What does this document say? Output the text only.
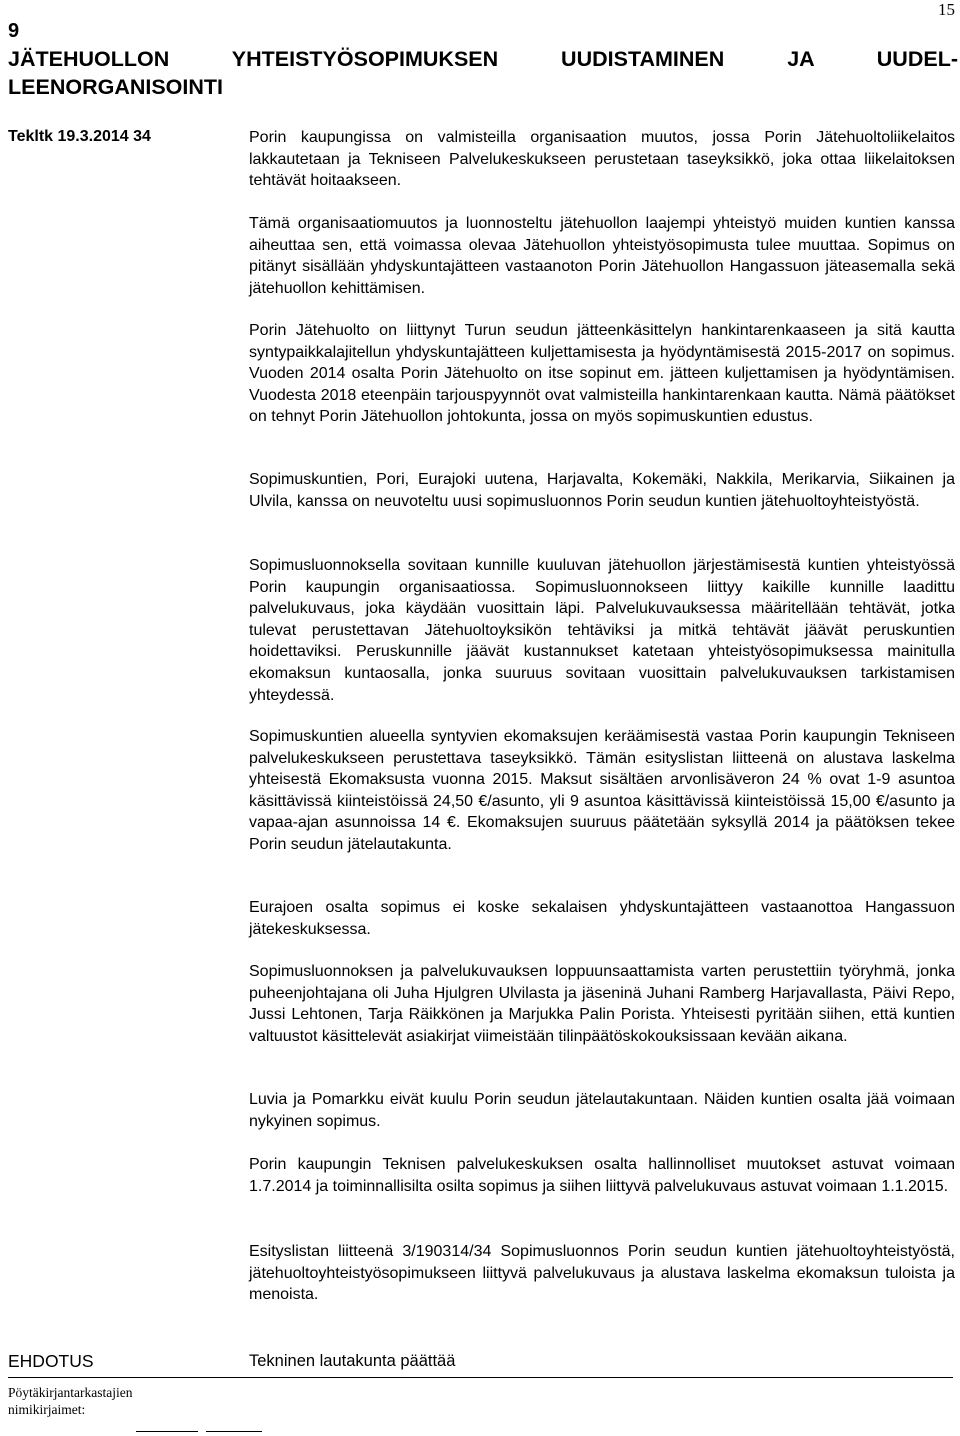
15
9
JÄTEHUOLLON YHTEISTYÖSOPIMUKSEN UUDISTAMINEN JA UUDEL-
LEENORGANISOINTI
Tekltk 19.3.2014 34	Porin kaupungissa on valmisteilla organisaation muutos, jossa Porin Jätehuoltoliikelaitos lakkautetaan ja Tekniseen Palvelukeskukseen perustetaan taseyksikkö, joka ottaa liikelaitoksen tehtävät hoitaakseen.
Tämä organisaatiomuutos ja luonnosteltu jätehuollon laajempi yhteistyö muiden kuntien kanssa aiheuttaa sen, että voimassa olevaa Jätehuollon yhteistyösopimusta tulee muuttaa. Sopimus on pitänyt sisällään yhdyskuntajätteen vastaanoton Porin Jätehuollon Hangassuon jäteasemalla sekä jätehuollon kehittämisen.
Porin Jätehuolto on liittynyt Turun seudun jätteenkäsittelyn hankintarenkaaseen ja sitä kautta syntypaikkalajitellun yhdyskuntajätteen kuljettamisesta ja hyödyntämisestä 2015-2017 on sopimus. Vuoden 2014 osalta Porin Jätehuolto on itse sopinut em. jätteen kuljettamisen ja hyödyntämisen. Vuodesta 2018 eteenpäin tarjouspyynnöt ovat valmisteilla hankintarenkaan kautta. Nämä päätökset on tehnyt Porin Jätehuollon johtokunta, jossa on myös sopimuskuntien edustus.
Sopimuskuntien, Pori, Eurajoki uutena, Harjavalta, Kokemäki, Nakkila, Merikarvia, Siikainen ja Ulvila, kanssa on neuvoteltu uusi sopimusluonnos Porin seudun kuntien jätehuoltoyhteistyöstä.
Sopimusluonnoksella sovitaan kunnille kuuluvan jätehuollon järjestämisestä kuntien yhteistyössä Porin kaupungin organisaatiossa. Sopimusluonnokseen liittyy kaikille kunnille laadittu palvelukuvaus, joka käydään vuosittain läpi. Palvelukuvauksessa määritellään tehtävät, jotka tulevat perustettavan Jätehuoltoyksikön tehtäviksi ja mitkä tehtävät jäävät peruskuntien hoidettaviksi. Peruskunnille jäävät kustannukset katetaan yhteistyösopimuksessa mainitulla ekomaksun kuntaosalla, jonka suuruus sovitaan vuosittain palvelukuvauksen tarkistamisen yhteydessä.
Sopimuskuntien alueella syntyvien ekomaksujen keräämisestä vastaa Porin kaupungin Tekniseen palvelukeskukseen perustettava taseyksikkö. Tämän esityslistan liitteenä on alustava laskelma yhteisestä Ekomaksusta vuonna 2015. Maksut sisältäen arvonlisäveron 24 % ovat 1-9 asuntoa käsittävissä kiinteistöissä 24,50 €/asunto, yli 9 asuntoa käsittävissä kiinteistöissä 15,00 €/asunto ja vapaa-ajan asunnoissa 14 €. Ekomaksujen suuruus päätetään syksyllä 2014 ja päätöksen tekee Porin seudun jätelautakunta.
Eurajoen osalta sopimus ei koske sekalaisen yhdyskuntajätteen vastaanottoa Hangassuon jätekeskuksessa.
Sopimusluonnoksen ja palvelukuvauksen loppuunsaattamista varten perustettiin työryhmä, jonka puheenjohtajana oli Juha Hjulgren Ulvilasta ja jäseninä Juhani Ramberg Harjavallasta, Päivi Repo, Jussi Lehtonen, Tarja Räikkönen ja Marjukka Palin Porista. Yhteisesti pyritään siihen, että kuntien valtuustot käsittelevät asiakirjat viimeistään tilinpäätöskokouksissaan kevään aikana.
Luvia ja Pomarkku eivät kuulu Porin seudun jätelautakuntaan. Näiden kuntien osalta jää voimaan nykyinen sopimus.
Porin kaupungin Teknisen palvelukeskuksen osalta hallinnolliset muutokset astuvat voimaan 1.7.2014 ja toiminnallisilta osilta sopimus ja siihen liittyvä palvelukuvaus astuvat voimaan 1.1.2015.
Esityslistan liitteenä 3/190314/34 Sopimusluonnos Porin seudun kuntien jätehuoltoyhteistyöstä, jätehuoltoyhteistyösopimukseen liittyvä palvelukuvaus ja alustava laskelma ekomaksun tuloista ja menoista.
EHDOTUS	Tekninen lautakunta päättää
Pöytäkirjantarkastajien
nimikirjaimet:
